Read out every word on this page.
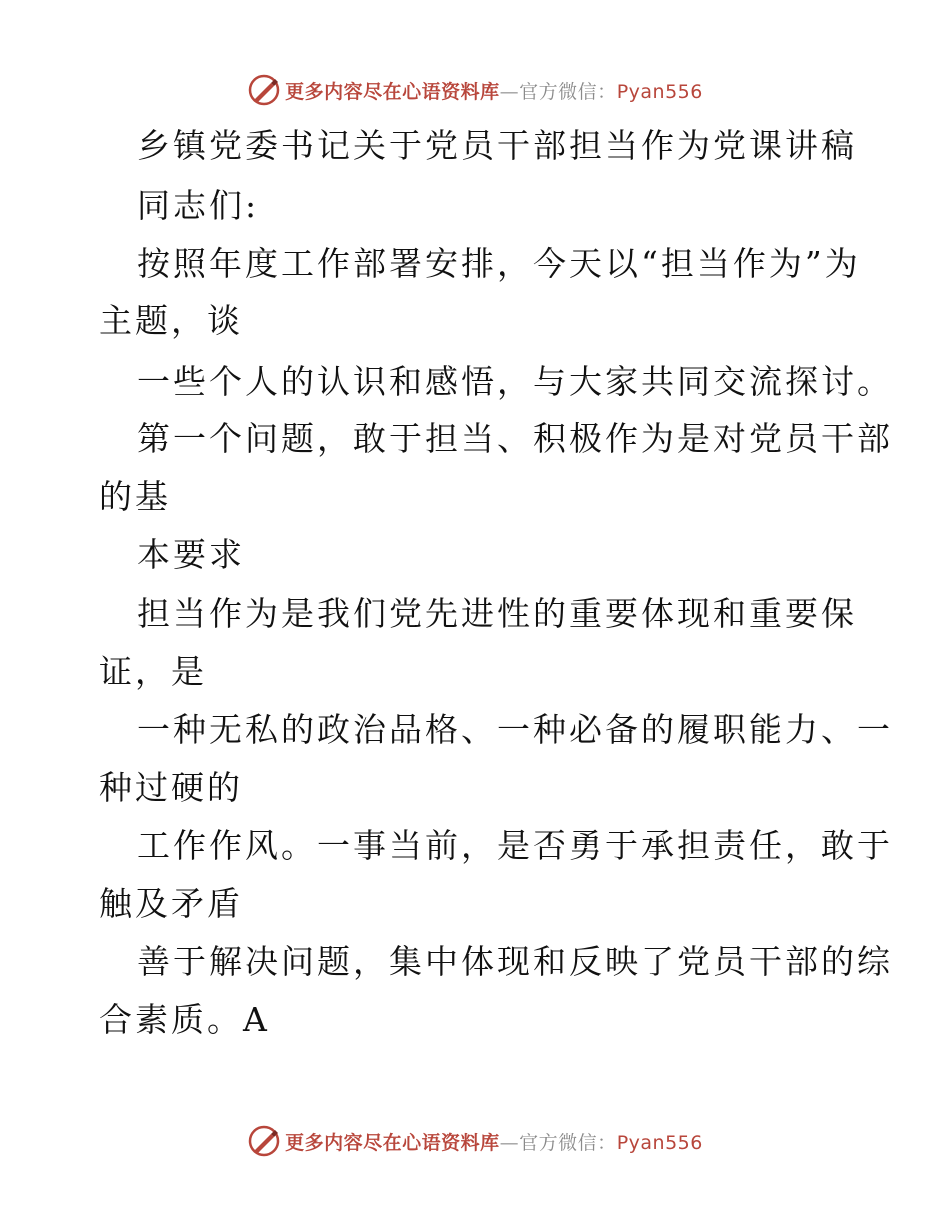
更多内容尽在心语资料库—官方微信：Pyan556
乡镇党委书记关于党员干部担当作为党课讲稿
同志们:
按照年度工作部署安排，今天以“担当作为”为
主题，谈
一些个人的认识和感悟，与大家共同交流探讨。
第一个问题，敢于担当、积极作为是对党员干部
的基
本要求
担当作为是我们党先进性的重要体现和重要保
证，是
一种无私的政治品格、一种必备的履职能力、一
种过硬的
工作作风。一事当前，是否勇于承担责任，敢于
触及矛盾
善于解决问题，集中体现和反映了党员干部的综
合素质。A
更多内容尽在心语资料库—官方微信：Pyan556
